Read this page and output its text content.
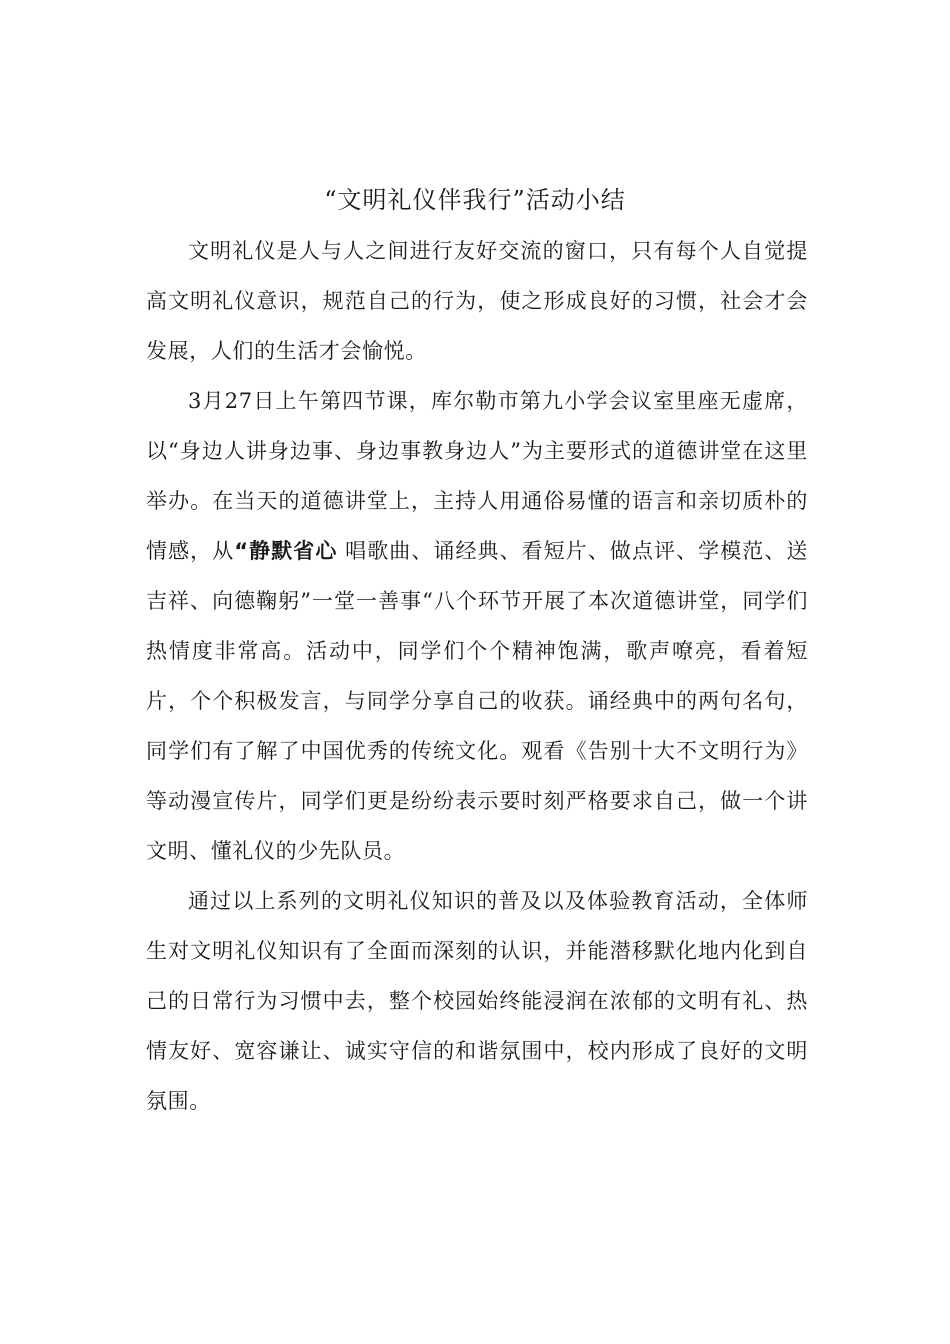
“文明礼仪伴我行”活动小结

文明礼仪是人与人之间进行友好交流的窗口，只有每个人自觉提高文明礼仪意识，规范自己的行为，使之形成良好的习惯，社会才会发展，人们的生活才会愉悦。

3月27日上午第四节课，库尔勒市第九小学会议室里座无虚席，以“身边人讲身边事、身边事教身边人”为主要形式的道德讲堂在这里举办。在当天的道德讲堂上，主持人用通俗易懂的语言和亲切质朴的情感，从“静默省心 唱歌曲、诵经典、看短片、做点评、学模范、送吉祥、向德鞠躬”一堂一善事“八个环节开展了本次道德讲堂，同学们热情度非常高。活动中，同学们个个精神饱满，歌声嘹亮，看着短片，个个积极发言，与同学分享自己的收获。诵经典中的两句名句，同学们有了解了中国优秀的传统文化。观看《告别十大不文明行为》等动漫宣传片，同学们更是纷纷表示要时刻严格要求自己，做一个讲文明、懂礼仪的少先队员。

通过以上系列的文明礼仪知识的普及以及体验教育活动，全体师生对文明礼仪知识有了全面而深刻的认识，并能潜移默化地内化到自己的日常行为习惯中去，整个校园始终能浸润在浓郁的文明有礼、热情友好、宽容谦让、诚实守信的和谐氛围中，校内形成了良好的文明氛围。
